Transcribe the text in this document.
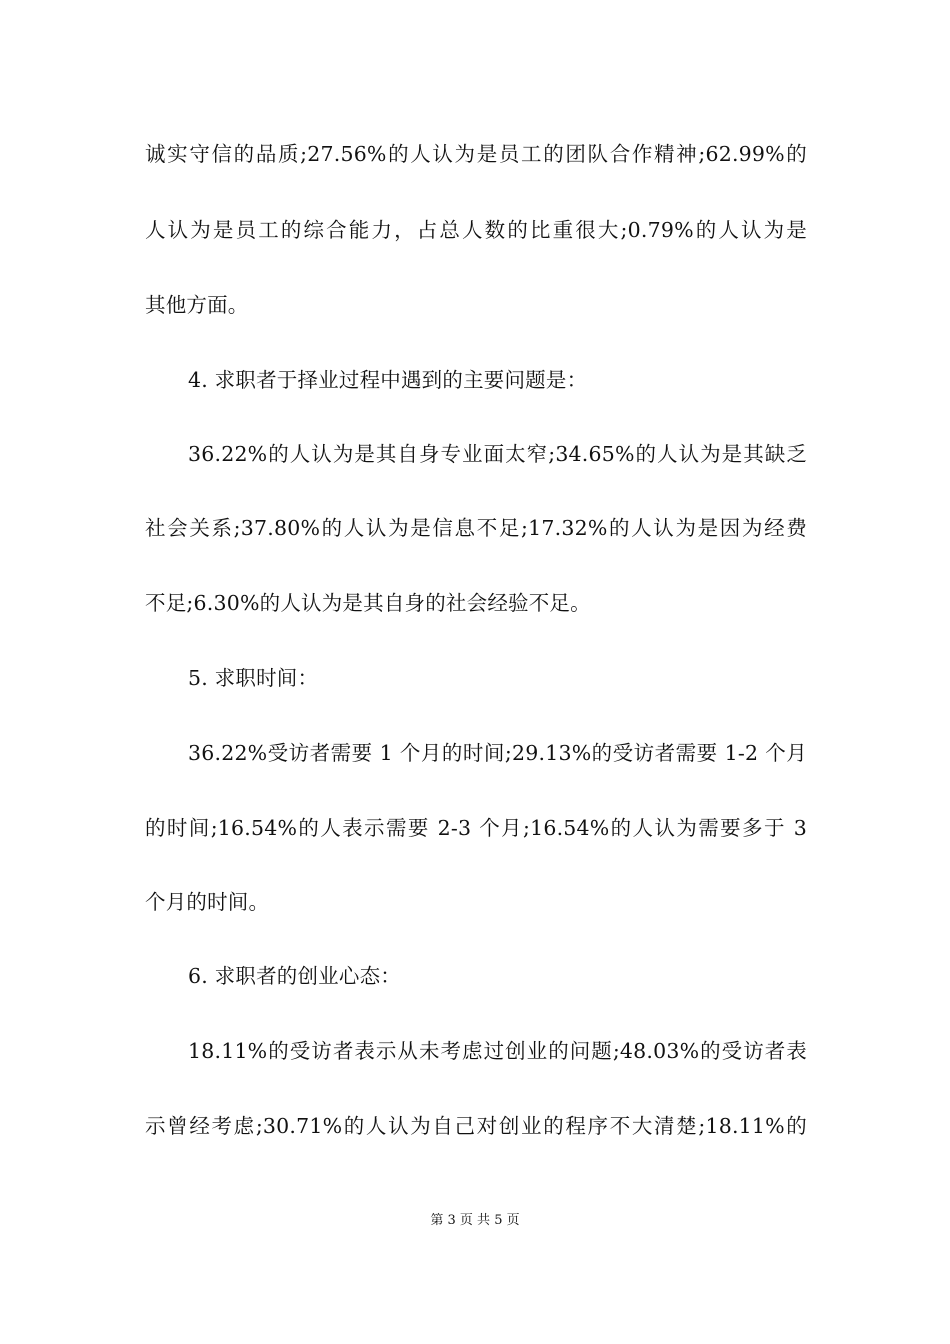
诚实守信的品质;27.56%的人认为是员工的团队合作精神;62.99%的
人认为是员工的综合能力，占总人数的比重很大;0.79%的人认为是
其他方面。
4. 求职者于择业过程中遇到的主要问题是：
36.22%的人认为是其自身专业面太窄;34.65%的人认为是其缺乏
社会关系;37.80%的人认为是信息不足;17.32%的人认为是因为经费
不足;6.30%的人认为是其自身的社会经验不足。
5. 求职时间：
36.22%受访者需要 1 个月的时间;29.13%的受访者需要 1-2 个月
的时间;16.54%的人表示需要 2-3 个月;16.54%的人认为需要多于 3
个月的时间。
6. 求职者的创业心态：
18.11%的受访者表示从未考虑过创业的问题;48.03%的受访者表
示曾经考虑;30.71%的人认为自己对创业的程序不大清楚;18.11%的
第 3 页 共 5 页
